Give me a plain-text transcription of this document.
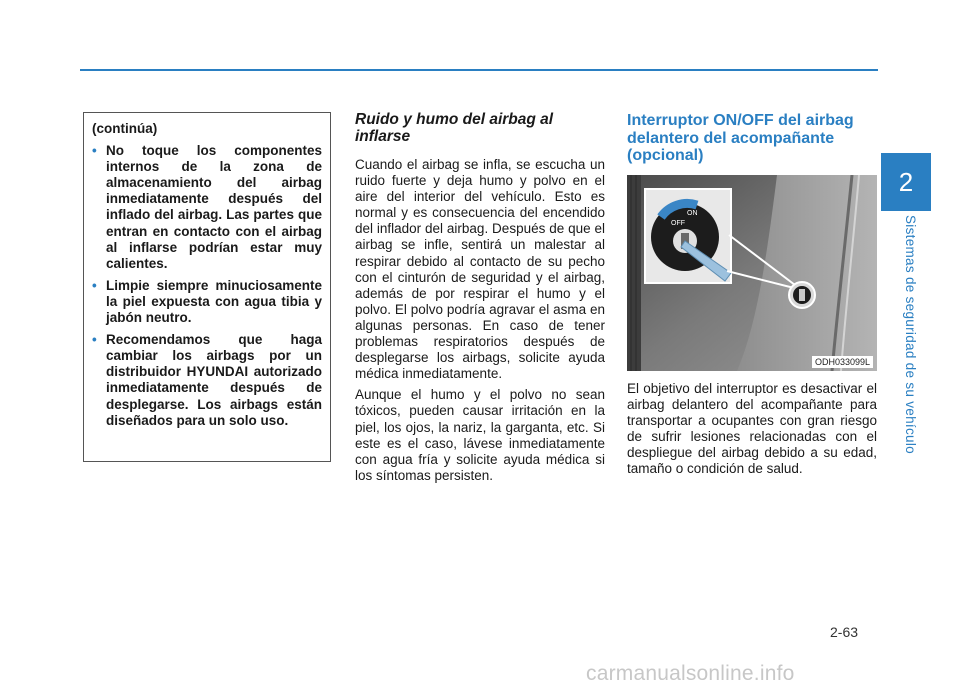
2
Sistemas de seguridad de su vehículo

(continúa)

• No toque los componentes internos de la zona de almacenamiento del airbag inmediatamente después del inflado del airbag. Las partes que entran en contacto con el airbag al inflarse podrían estar muy calientes.
• Limpie siempre minuciosamente la piel expuesta con agua tibia y jabón neutro.
• Recomendamos que haga cambiar los airbags por un distribuidor HYUNDAI autorizado inmediatamente después de desplegarse. Los airbags están diseñados para un solo uso.
Ruido y humo del airbag al inflarse

Cuando el airbag se infla, se escucha un ruido fuerte y deja humo y polvo en el aire del interior del vehículo. Esto es normal y es consecuencia del encendido del inflador del airbag. Después de que el airbag se infle, sentirá un malestar al respirar debido al contacto de su pecho con el cinturón de seguridad y el airbag, además de por respirar el humo y el polvo. El polvo podría agravar el asma en algunas personas. En caso de tener problemas respiratorios después de desplegarse los airbags, solicite ayuda médica inmediatamente.

Aunque el humo y el polvo no sean tóxicos, pueden causar irritación en la piel, los ojos, la nariz, la garganta, etc. Si este es el caso, lávese inmediatamente con agua fría y solicite ayuda médica si los síntomas persisten.

Interruptor ON/OFF del airbag delantero del acompañante (opcional)
OFF
ON
ODH033099L

El objetivo del interruptor es desactivar el airbag delantero del acompañante para transportar a ocupantes con gran riesgo de sufrir lesiones relacionadas con el despliegue del airbag debido a su edad, tamaño o condición de salud.

2-63
carmanualsonline.info
